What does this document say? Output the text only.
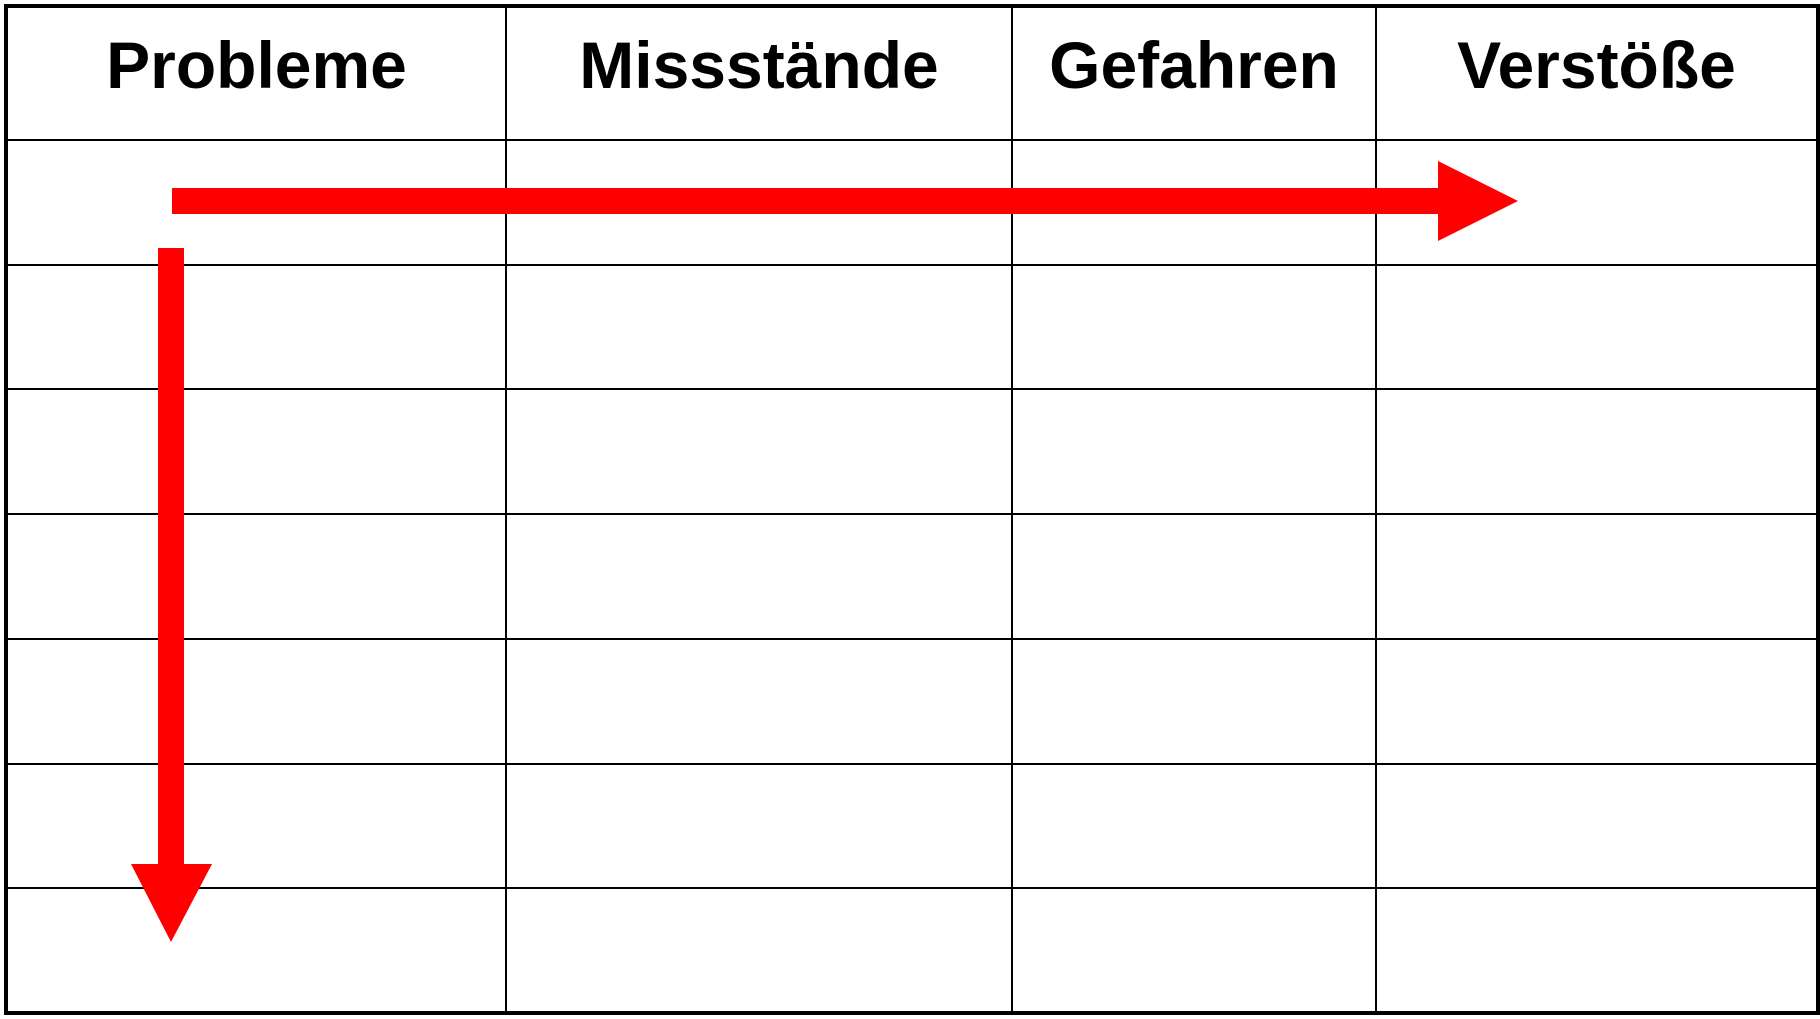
Probleme	Missstände	Gefahren	Verstöße
